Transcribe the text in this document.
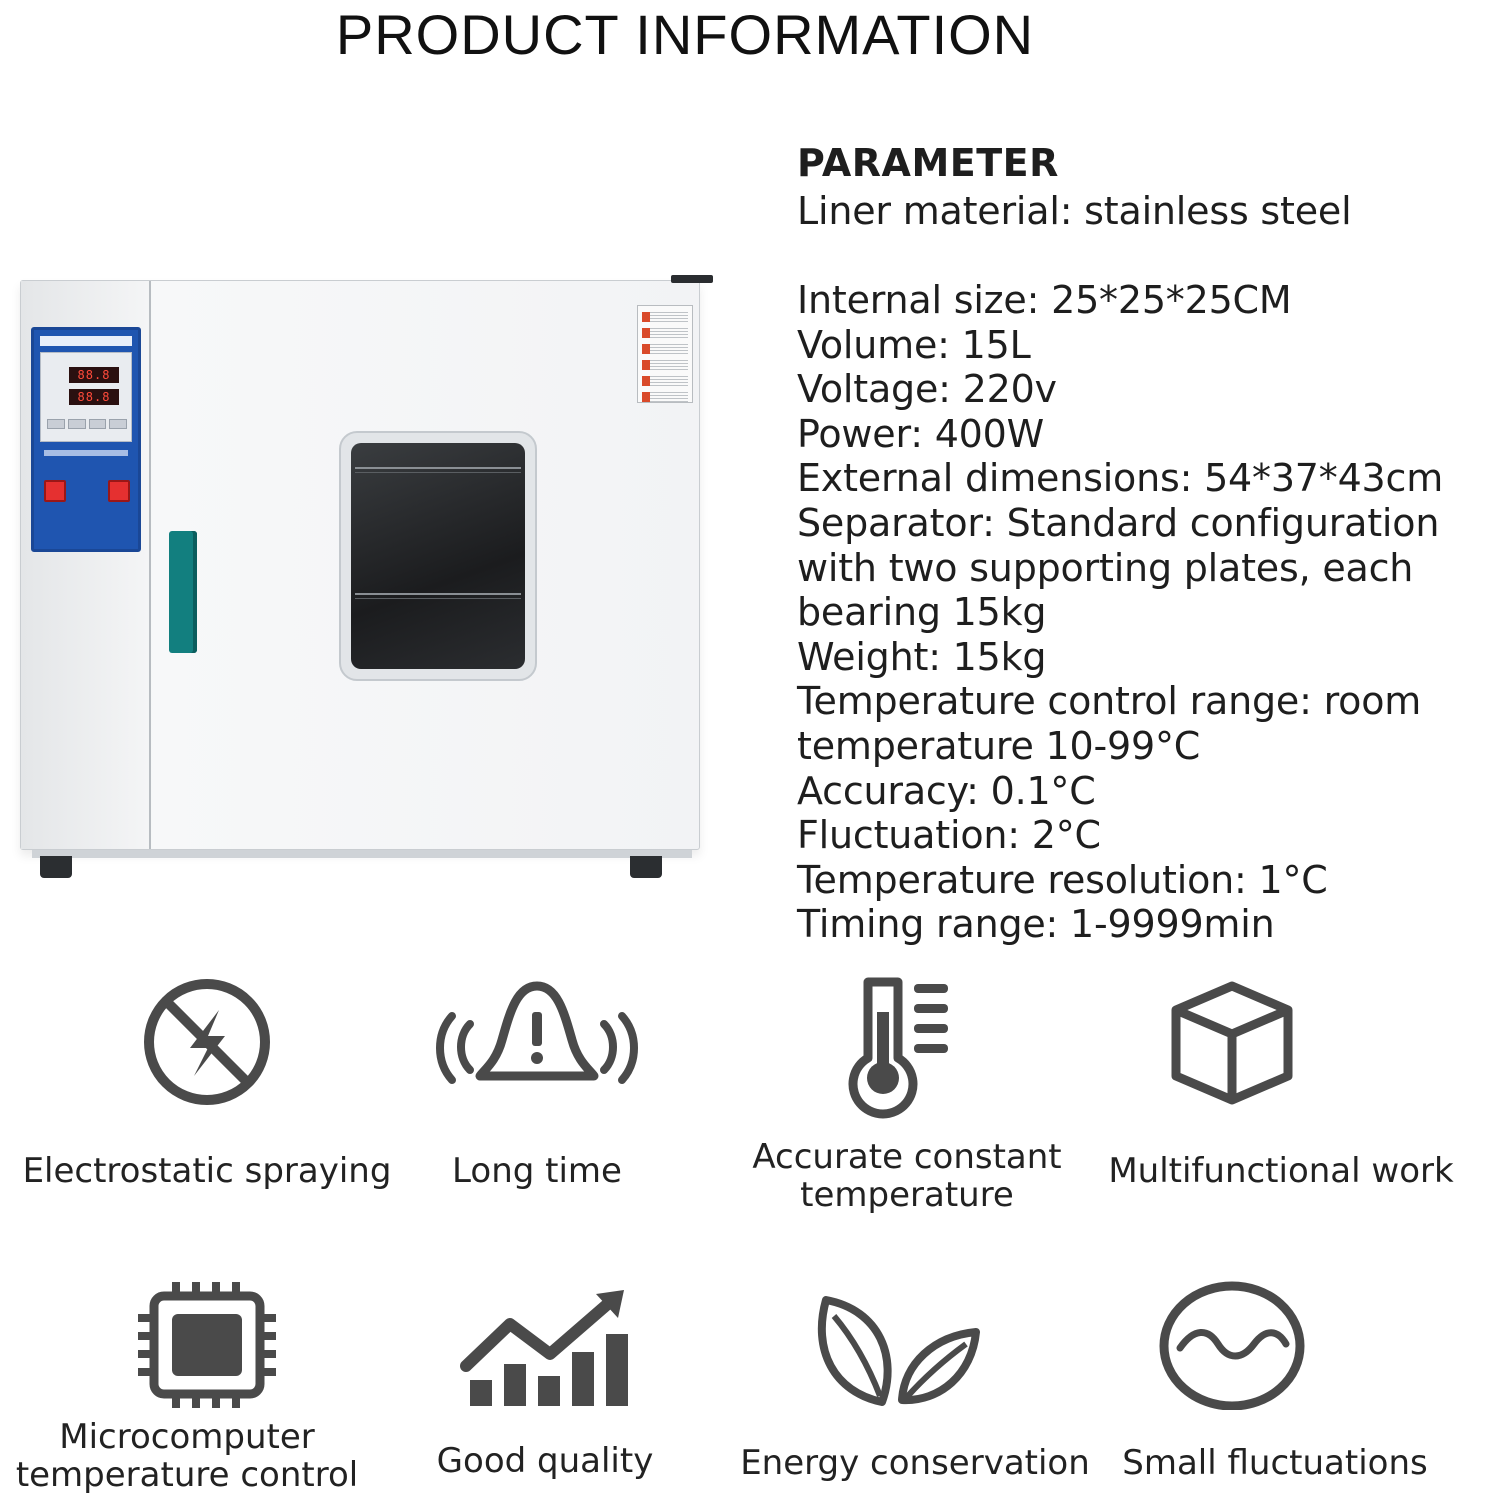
PRODUCT INFORMATION
88.8
88.8
PARAMETER
Liner material: stainless steel
Internal size: 25*25*25CM
Volume: 15L
Voltage: 220v
Power: 400W
External dimensions: 54*37*43cm
Separator: Standard configuration
with two supporting plates, each
bearing 15kg
Weight: 15kg
Temperature control range: room
temperature 10-99°C
Accuracy: 0.1°C
Fluctuation: 2°C
Temperature resolution: 1°C
Timing range: 1-9999min
Electrostatic spraying	Long time	Accurate constant
temperature
Multifunctional work
Microcomputer
temperature control	Good quality	Energy conservation Small fluctuations
